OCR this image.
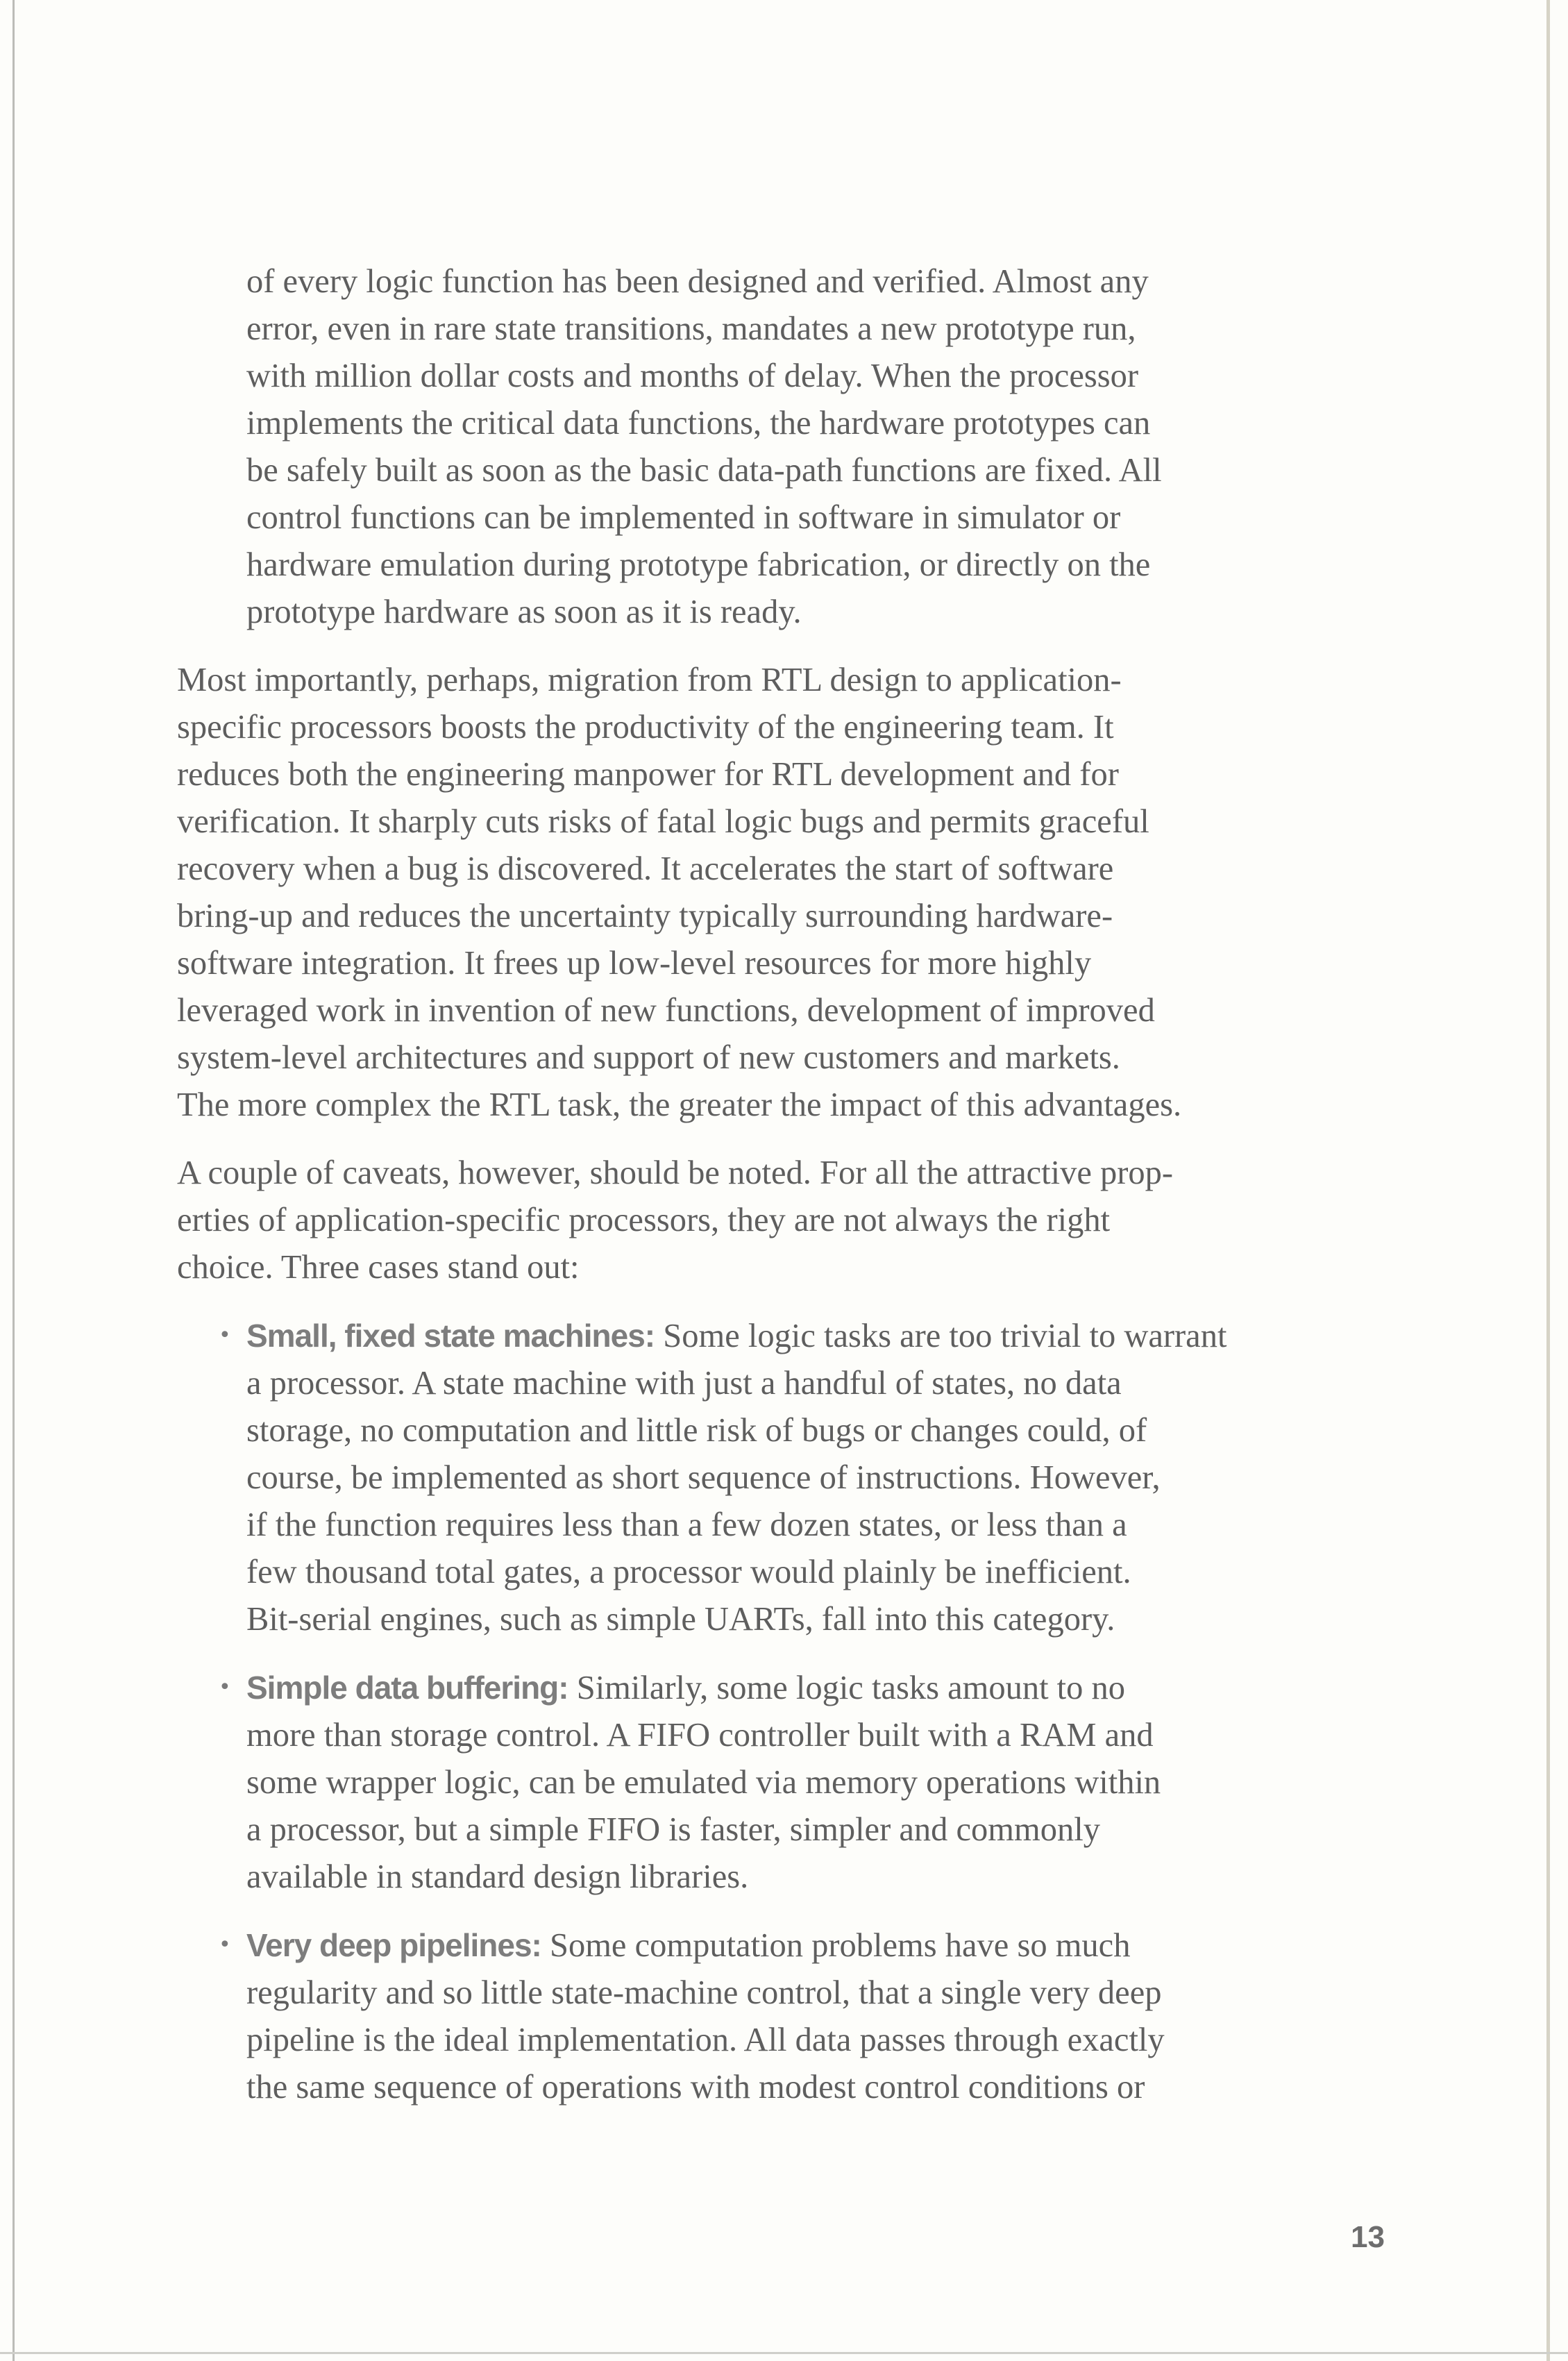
of every logic function has been designed and verified. Almost any
error, even in rare state transitions, mandates a new prototype run,
with million dollar costs and months of delay. When the processor
implements the critical data functions, the hardware prototypes can
be safely built as soon as the basic data-path functions are fixed. All
control functions can be implemented in software in simulator or
hardware emulation during prototype fabrication, or directly on the
prototype hardware as soon as it is ready.
Most importantly, perhaps, migration from RTL design to application-
specific processors boosts the productivity of the engineering team. It
reduces both the engineering manpower for RTL development and for
verification. It sharply cuts risks of fatal logic bugs and permits graceful
recovery when a bug is discovered. It accelerates the start of software
bring-up and reduces the uncertainty typically surrounding hardware-
software integration. It frees up low-level resources for more highly
leveraged work in invention of new functions, development of improved
system-level architectures and support of new customers and markets.
The more complex the RTL task, the greater the impact of this advantages.
A couple of caveats, however, should be noted. For all the attractive prop-
erties of application-specific processors, they are not always the right
choice. Three cases stand out:
• Small, fixed state machines: Some logic tasks are too trivial to warrant
a processor. A state machine with just a handful of states, no data
storage, no computation and little risk of bugs or changes could, of
course, be implemented as short sequence of instructions. However,
if the function requires less than a few dozen states, or less than a
few thousand total gates, a processor would plainly be inefficient.
Bit-serial engines, such as simple UARTs, fall into this category.
• Simple data buffering: Similarly, some logic tasks amount to no
more than storage control. A FIFO controller built with a RAM and
some wrapper logic, can be emulated via memory operations within
a processor, but a simple FIFO is faster, simpler and commonly
available in standard design libraries.
• Very deep pipelines: Some computation problems have so much
regularity and so little state-machine control, that a single very deep
pipeline is the ideal implementation. All data passes through exactly
the same sequence of operations with modest control conditions or
13
